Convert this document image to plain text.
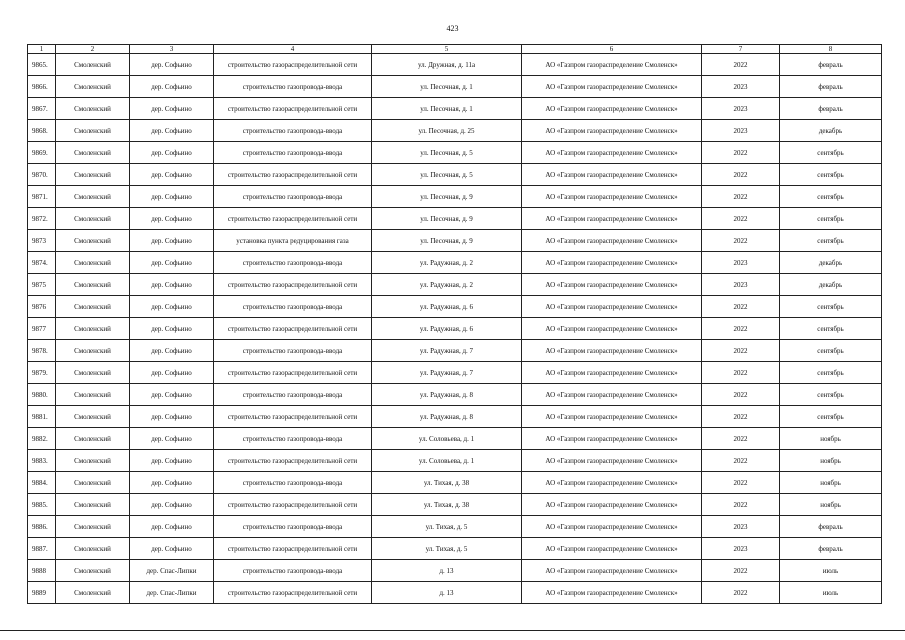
423
1	2	3	4	5	6	7	8
9865.	Смоленский	дер. Софьино	строительство газораспределительной сети	ул. Дружная, д. 11а	АО «Газпром газораспределение Смоленск»	2022	февраль
9866.	Смоленский	дер. Софьино	строительство газопровода-ввода	ул. Песочная, д. 1	АО «Газпром газораспределение Смоленск»	2023	февраль
9867.	Смоленский	дер. Софьино	строительство газораспределительной сети	ул. Песочная, д. 1	АО «Газпром газораспределение Смоленск»	2023	февраль
9868.	Смоленский	дер. Софьино	строительство газопровода-ввода	ул. Песочная, д. 25	АО «Газпром газораспределение Смоленск»	2023	декабрь
9869.	Смоленский	дер. Софьино	строительство газопровода-ввода	ул. Песочная, д. 5	АО «Газпром газораспределение Смоленск»	2022	сентябрь
9870.	Смоленский	дер. Софьино	строительство газораспределительной сети	ул. Песочная, д. 5	АО «Газпром газораспределение Смоленск»	2022	сентябрь
9871.	Смоленский	дер. Софьино	строительство газопровода-ввода	ул. Песочная, д. 9	АО «Газпром газораспределение Смоленск»	2022	сентябрь
9872.	Смоленский	дер. Софьино	строительство газораспределительной сети	ул. Песочная, д. 9	АО «Газпром газораспределение Смоленск»	2022	сентябрь
9873	Смоленский	дер. Софьино	установка пункта редуцирования газа	ул. Песочная, д. 9	АО «Газпром газораспределение Смоленск»	2022	сентябрь
9874.	Смоленский	дер. Софьино	строительство газопровода-ввода	ул. Радужная, д. 2	АО «Газпром газораспределение Смоленск»	2023	декабрь
9875	Смоленский	дер. Софьино	строительство газораспределительной сети	ул. Радужная, д. 2	АО «Газпром газораспределение Смоленск»	2023	декабрь
9876	Смоленский	дер. Софьино	строительство газопровода-ввода	ул. Радужная, д. 6	АО «Газпром газораспределение Смоленск»	2022	сентябрь
9877	Смоленский	дер. Софьино	строительство газораспределительной сети	ул. Радужная, д. 6	АО «Газпром газораспределение Смоленск»	2022	сентябрь
9878.	Смоленский	дер. Софьино	строительство газопровода-ввода	ул. Радужная, д. 7	АО «Газпром газораспределение Смоленск»	2022	сентябрь
9879.	Смоленский	дер. Софьино	строительство газораспределительной сети	ул. Радужная, д. 7	АО «Газпром газораспределение Смоленск»	2022	сентябрь
9880.	Смоленский	дер. Софьино	строительство газопровода-ввода	ул. Радужная, д. 8	АО «Газпром газораспределение Смоленск»	2022	сентябрь
9881.	Смоленский	дер. Софьино	строительство газораспределительной сети	ул. Радужная, д. 8	АО «Газпром газораспределение Смоленск»	2022	сентябрь
9882.	Смоленский	дер. Софьино	строительство газопровода-ввода	ул. Соловьева, д. 1	АО «Газпром газораспределение Смоленск»	2022	ноябрь
9883.	Смоленский	дер. Софьино	строительство газораспределительной сети	ул. Соловьева, д. 1	АО «Газпром газораспределение Смоленск»	2022	ноябрь
9884.	Смоленский	дер. Софьино	строительство газопровода-ввода	ул. Тихая, д. 38	АО «Газпром газораспределение Смоленск»	2022	ноябрь
9885.	Смоленский	дер. Софьино	строительство газораспределительной сети	ул. Тихая, д. 38	АО «Газпром газораспределение Смоленск»	2022	ноябрь
9886.	Смоленский	дер. Софьино	строительство газопровода-ввода	ул. Тихая, д. 5	АО «Газпром газораспределение Смоленск»	2023	февраль
9887.	Смоленский	дер. Софьино	строительство газораспределительной сети	ул. Тихая, д. 5	АО «Газпром газораспределение Смоленск»	2023	февраль
9888	Смоленский	дер. Спас-Липки	строительство газопровода-ввода	д. 13	АО «Газпром газораспределение Смоленск»	2022	июль
9889	Смоленский	дер. Спас-Липки	строительство газораспределительной сети	д. 13	АО «Газпром газораспределение Смоленск»	2022	июль
